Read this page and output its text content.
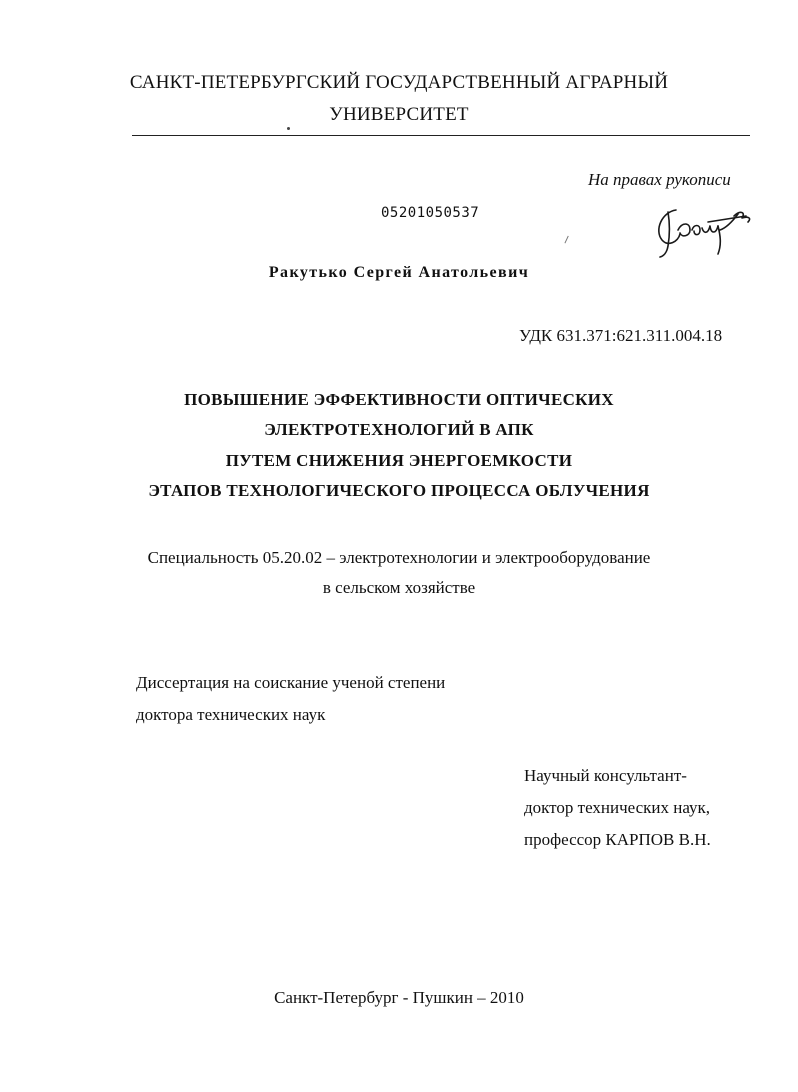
САНКТ-ПЕТЕРБУРГСКИЙ ГОСУДАРСТВЕННЫЙ АГРАРНЫЙ
УНИВЕРСИТЕТ
На правах рукописи
05201050537
Ракутько Сергей Анатольевич
УДК 631.371:621.311.004.18
ПОВЫШЕНИЕ ЭФФЕКТИВНОСТИ ОПТИЧЕСКИХ
ЭЛЕКТРОТЕХНОЛОГИЙ В АПК
ПУТЕМ СНИЖЕНИЯ ЭНЕРГОЕМКОСТИ
ЭТАПОВ ТЕХНОЛОГИЧЕСКОГО ПРОЦЕССА ОБЛУЧЕНИЯ
Специальность 05.20.02 – электротехнологии и электрооборудование
в сельском хозяйстве
Диссертация на соискание ученой степени
доктора технических наук
Научный консультант-
доктор технических наук,
профессор КАРПОВ В.Н.
Санкт-Петербург - Пушкин – 2010
